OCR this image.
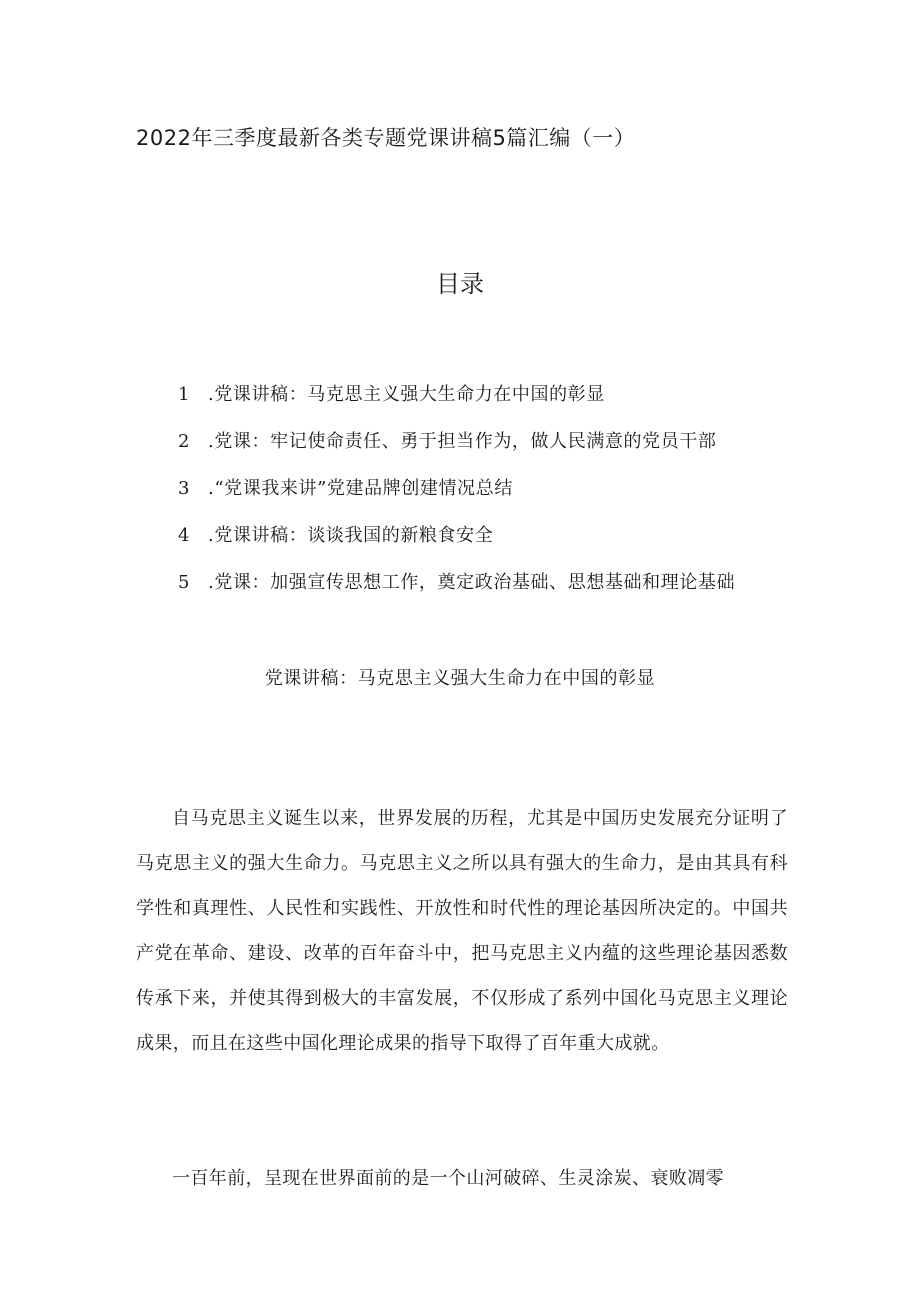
2022年三季度最新各类专题党课讲稿5篇汇编（一）
目录
1 .党课讲稿：马克思主义强大生命力在中国的彰显
2 .党课：牢记使命责任、勇于担当作为，做人民满意的党员干部
3 .“党课我来讲”党建品牌创建情况总结
4 .党课讲稿：谈谈我国的新粮食安全
5 .党课：加强宣传思想工作，奠定政治基础、思想基础和理论基础
党课讲稿：马克思主义强大生命力在中国的彰显

自马克思主义诞生以来，世界发展的历程，尤其是中国历史发展充分证明了马克思主义的强大生命力。马克思主义之所以具有强大的生命力，是由其具有科学性和真理性、人民性和实践性、开放性和时代性的理论基因所决定的。中国共产党在革命、建设、改革的百年奋斗中，把马克思主义内蕴的这些理论基因悉数传承下来，并使其得到极大的丰富发展，不仅形成了系列中国化马克思主义理论成果，而且在这些中国化理论成果的指导下取得了百年重大成就。

一百年前，呈现在世界面前的是一个山河破碎、生灵涂炭、衰败凋零
